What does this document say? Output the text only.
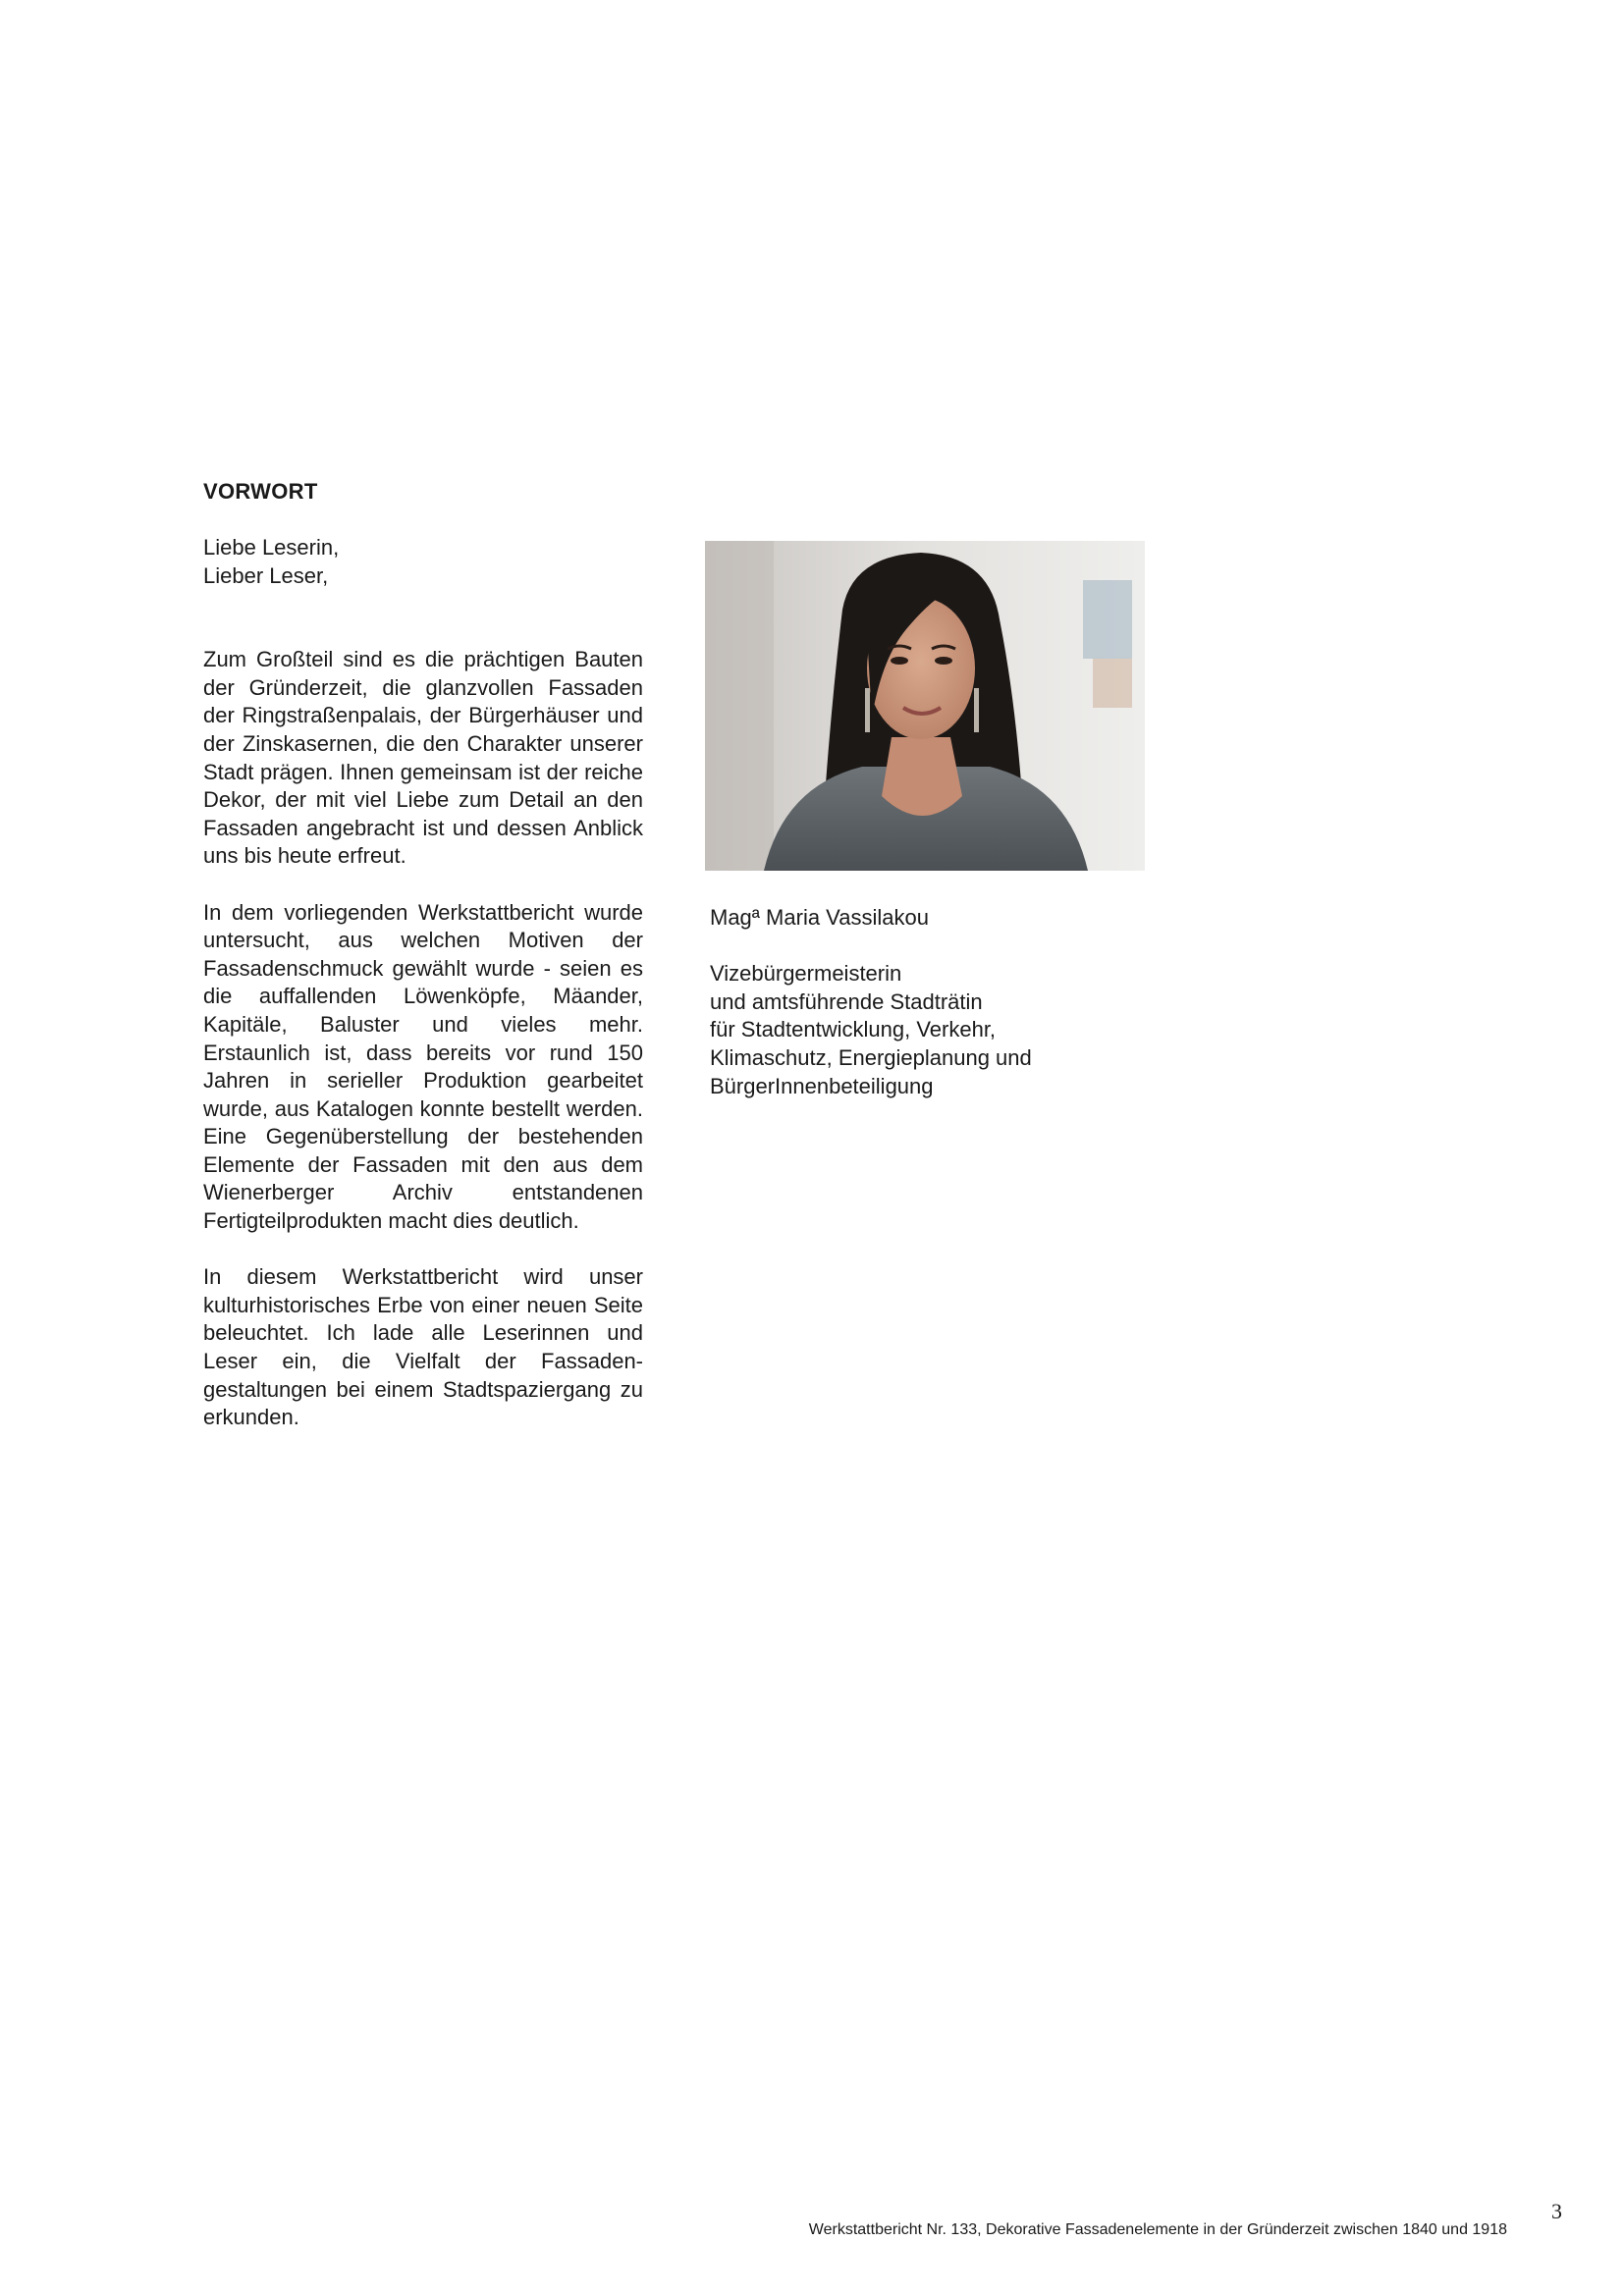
VORWORT

Liebe Leserin,
Lieber Leser,

Zum Großteil sind es die prächtigen Bauten der Gründerzeit, die glanzvollen Fassaden der Ringstraßenpalais, der Bürgerhäuser und der Zinskasernen, die den Charakter unserer Stadt prägen. Ihnen gemeinsam ist der reiche Dekor, der mit viel Liebe zum Detail an den Fassaden angebracht ist und dessen Anblick uns bis heute erfreut.

In dem vorliegenden Werkstattbericht wurde untersucht, aus welchen Motiven der Fassadenschmuck gewählt wurde - seien es die auffallenden Löwenköpfe, Mäander, Kapitäle, Baluster und vieles mehr. Erstaunlich ist, dass bereits vor rund 150 Jahren in serieller Produktion gearbeitet wurde, aus Katalogen konnte bestellt werden. Eine Gegenüberstellung der bestehenden Elemente der Fassaden mit den aus dem Wienerberger Archiv entstandenen Fertigteilprodukten macht dies deutlich.

In diesem Werkstattbericht wird unser kulturhistorisches Erbe von einer neuen Seite beleuchtet. Ich lade alle Leserinnen und Leser ein, die Vielfalt der Fassaden-gestaltungen bei einem Stadtspaziergang zu erkunden.

Magª Maria Vassilakou

Vizebürgermeisterin
und amtsführende Stadträtin
für Stadtentwicklung, Verkehr,
Klimaschutz, Energieplanung und
BürgerInnenbeteiligung

3
Werkstattbericht Nr. 133, Dekorative Fassadenelemente in der Gründerzeit zwischen 1840 und 1918
